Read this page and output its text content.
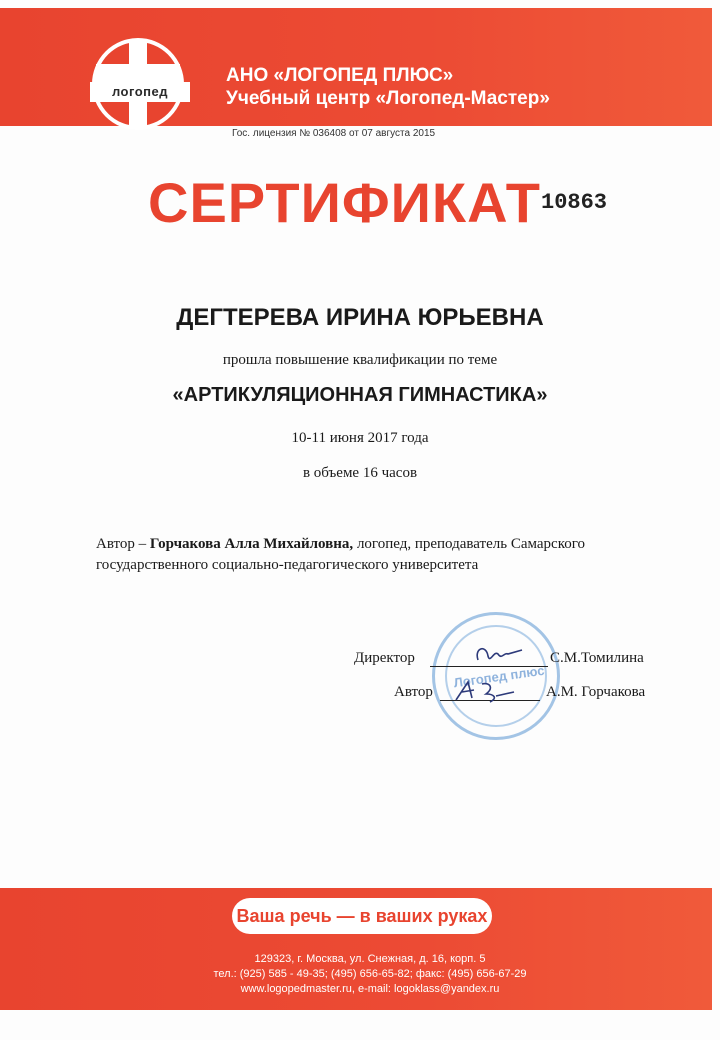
логопед
АНО «ЛОГОПЕД ПЛЮС»
Учебный центр «Логопед-Мастер»
Гос. лицензия № 036408 от 07 августа 2015
СЕРТИФИКАТ 10863
ДЕГТЕРЕВА ИРИНА ЮРЬЕВНА
прошла повышение квалификации по теме
«АРТИКУЛЯЦИОННАЯ ГИМНАСТИКА»
10-11 июня 2017 года
в объеме 16 часов
Автор – Горчакова Алла Михайловна, логопед, преподаватель Самарского государственного социально-педагогического университета
Логопед плюс
Директор	С.М.Томилина
Автор	А.М. Горчакова
Ваша речь — в ваших руках
129323, г. Москва, ул. Снежная, д. 16, корп. 5
тел.: (925) 585 - 49-35; (495) 656-65-82; факс: (495) 656-67-29
www.logopedmaster.ru, e-mail: logoklass@yandex.ru
